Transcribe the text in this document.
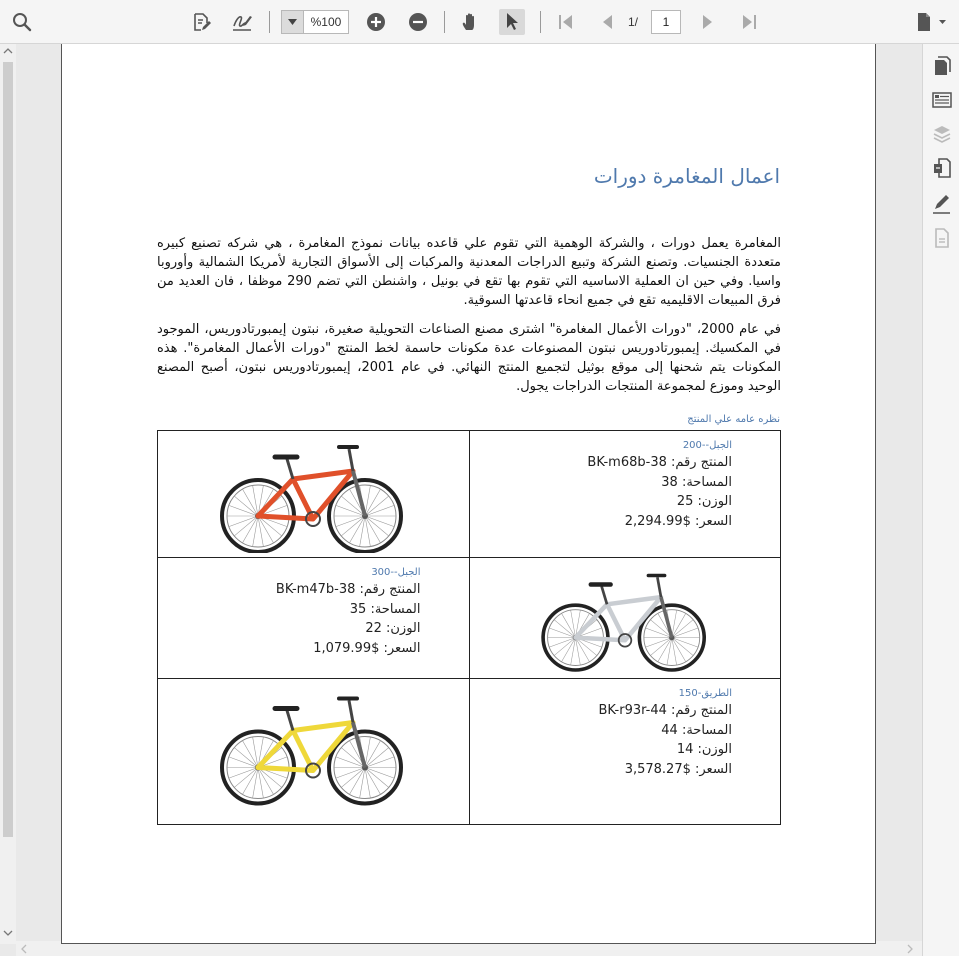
%100	1/	1
اعمال المغامرة دورات
المغامرة يعمل دورات ، والشركة الوهمية التي تقوم علي قاعده بيانات نموذج المغامرة ، هي شركه تصنيع كبيره متعددة الجنسيات. وتصنع الشركة وتبيع الدراجات المعدنية والمركبات إلى الأسواق التجارية لأمريكا الشمالية وأوروبا واسيا. وفي حين ان العملية الاساسيه التي تقوم بها تقع في بونيل ، واشنطن التي تضم 290 موظفا ، فان العديد من فرق المبيعات الاقليميه تقع في جميع انحاء قاعدتها السوقية.
في عام 2000، "دورات الأعمال المغامرة" اشترى مصنع الصناعات التحويلية صغيرة، نبتون إيمبورتادوريس، الموجود في المكسيك. إيمبورتادوريس نبتون المصنوعات عدة مكونات حاسمة لخط المنتج "دورات الأعمال المغامرة". هذه المكونات يتم شحنها إلى موقع بوثيل لتجميع المنتج النهائي. في عام 2001، إيمبورتادوريس نبتون، أصبح المصنع الوحيد وموزع لمجموعة المنتجات الدراجات يجول.
نظره عامه علي المنتج

الجبل--200
المنتج رقم: BK-m68b-38
المساحة: 38
الوزن: 25
السعر: $2,294.99

الجبل--300
المنتج رقم: BK-m47b-38
المساحة: 35
الوزن: 22
السعر: $1,079.99

الطريق-150
المنتج رقم: BK-r93r-44
المساحة: 44
الوزن: 14
السعر: $3,578.27
